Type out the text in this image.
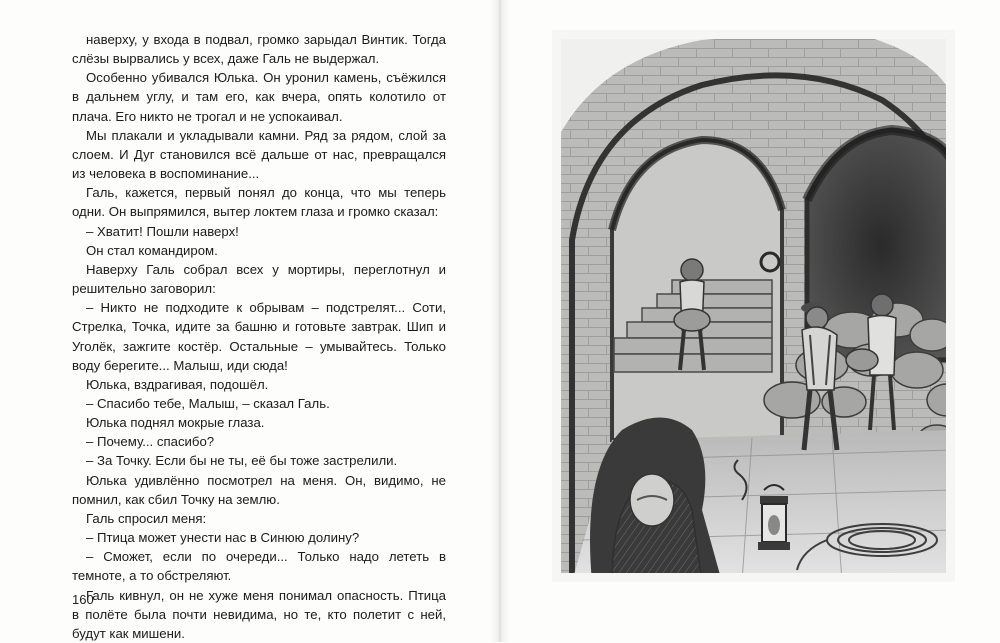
наверху, у входа в подвал, громко зарыдал Винтик. Тогда слёзы вырвались у всех, даже Галь не выдержал.

Особенно убивался Юлька. Он уронил камень, съёжился в дальнем углу, и там его, как вчера, опять колотило от плача. Его никто не трогал и не успокаивал.

Мы плакали и укладывали камни. Ряд за рядом, слой за слоем. И Дуг становился всё дальше от нас, превращался из человека в воспоминание...

Галь, кажется, первый понял до конца, что мы теперь одни. Он выпрямился, вытер локтем глаза и громко сказал:

– Хватит! Пошли наверх!

Он стал командиром.

Наверху Галь собрал всех у мортиры, переглотнул и решительно заговорил:

– Никто не подходите к обрывам – подстрелят... Соти, Стрелка, Точка, идите за башню и готовьте завтрак. Шип и Уголёк, зажгите костёр. Остальные – умывайтесь. Только воду берегите... Малыш, иди сюда!

Юлька, вздрагивая, подошёл.

– Спасибо тебе, Малыш, – сказал Галь.

Юлька поднял мокрые глаза.

– Почему... спасибо?

– За Точку. Если бы не ты, её бы тоже застрелили.

Юлька удивлённо посмотрел на меня. Он, видимо, не помнил, как сбил Точку на землю.

Галь спросил меня:

– Птица может унести нас в Синюю долину?

– Сможет, если по очереди... Только надо лететь в темноте, а то обстреляют.

Галь кивнул, он не хуже меня понимал опасность. Птица в полёте была почти невидима, но те, кто полетит с ней, будут как мишени.

160
